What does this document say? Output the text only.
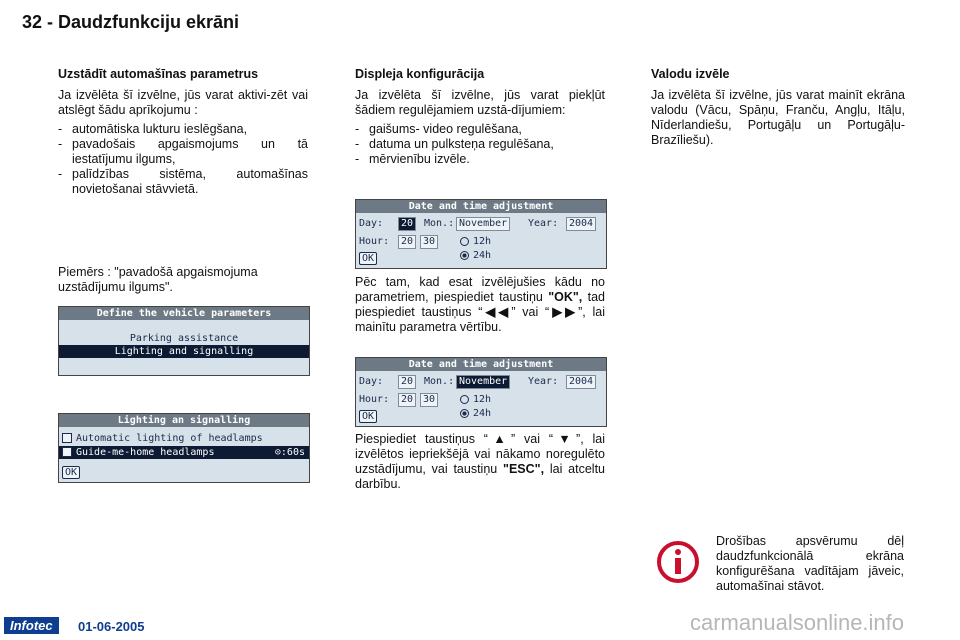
32 - Daudzfunkciju ekrāni
Uzstādīt automašīnas parametrus

Ja izvēlēta šī izvēlne, jūs varat aktivi-zēt vai atslēgt šādu aprīkojumu :

- automātiska lukturu ieslēgšana,
- pavadošais apgaismojums un tā iestatījumu ilgums,
- palīdzības sistēma, automašīnas novietošanai stāvvietā.
Piemērs : "pavadošā apgaismojuma uzstādījumu ilgums".
Define the vehicle parameters
Parking assistance
Lighting and signalling
Lighting an signalling
Automatic lighting of headlamps
✓ Guide-me-home headlamps	⊙:60s
OK
Displeja konfigurācija

Ja izvēlēta šī izvēlne, jūs varat piekļūt šādiem regulējamiem uzstā-dījumiem:

- gaišums- video regulēšana,
- datuma un pulksteņa regulēšana,
- mērvienību izvēle.
Date and time adjustment
Day:	20	Mon.: November	Year:	2004
Hour:	20 30	12h
24h
OK
Pēc tam, kad esat izvēlējušies kādu no parametriem, piespiediet taustiņu "OK", tad piespiediet taustiņus “◀◀” vai “▶▶”, lai mainītu parametra vērtību.
Date and time adjustment
Day:	20	Mon.: November	Year:	2004
Hour:	20 30	12h
24h
OK
Piespiediet taustiņus “▲” vai “▼”, lai izvēlētos iepriekšējā vai nākamo noregulēto uzstādījumu, vai taustiņu "ESC", lai atceltu darbību.
Valodu izvēle

Ja izvēlēta šī izvēlne, jūs varat mainīt ekrāna valodu (Vācu, Spāņu, Franču, Angļu, Itāļu, Nīderlandiešu, Portugāļu un Portugāļu- Brazīliešu).

Drošības apsvērumu dēļ daudzfunkcionālā ekrāna konfigurēšana vadītājam jāveic, automašīnai stāvot.
Infotec	01-06-2005	carmanualsonline.info
